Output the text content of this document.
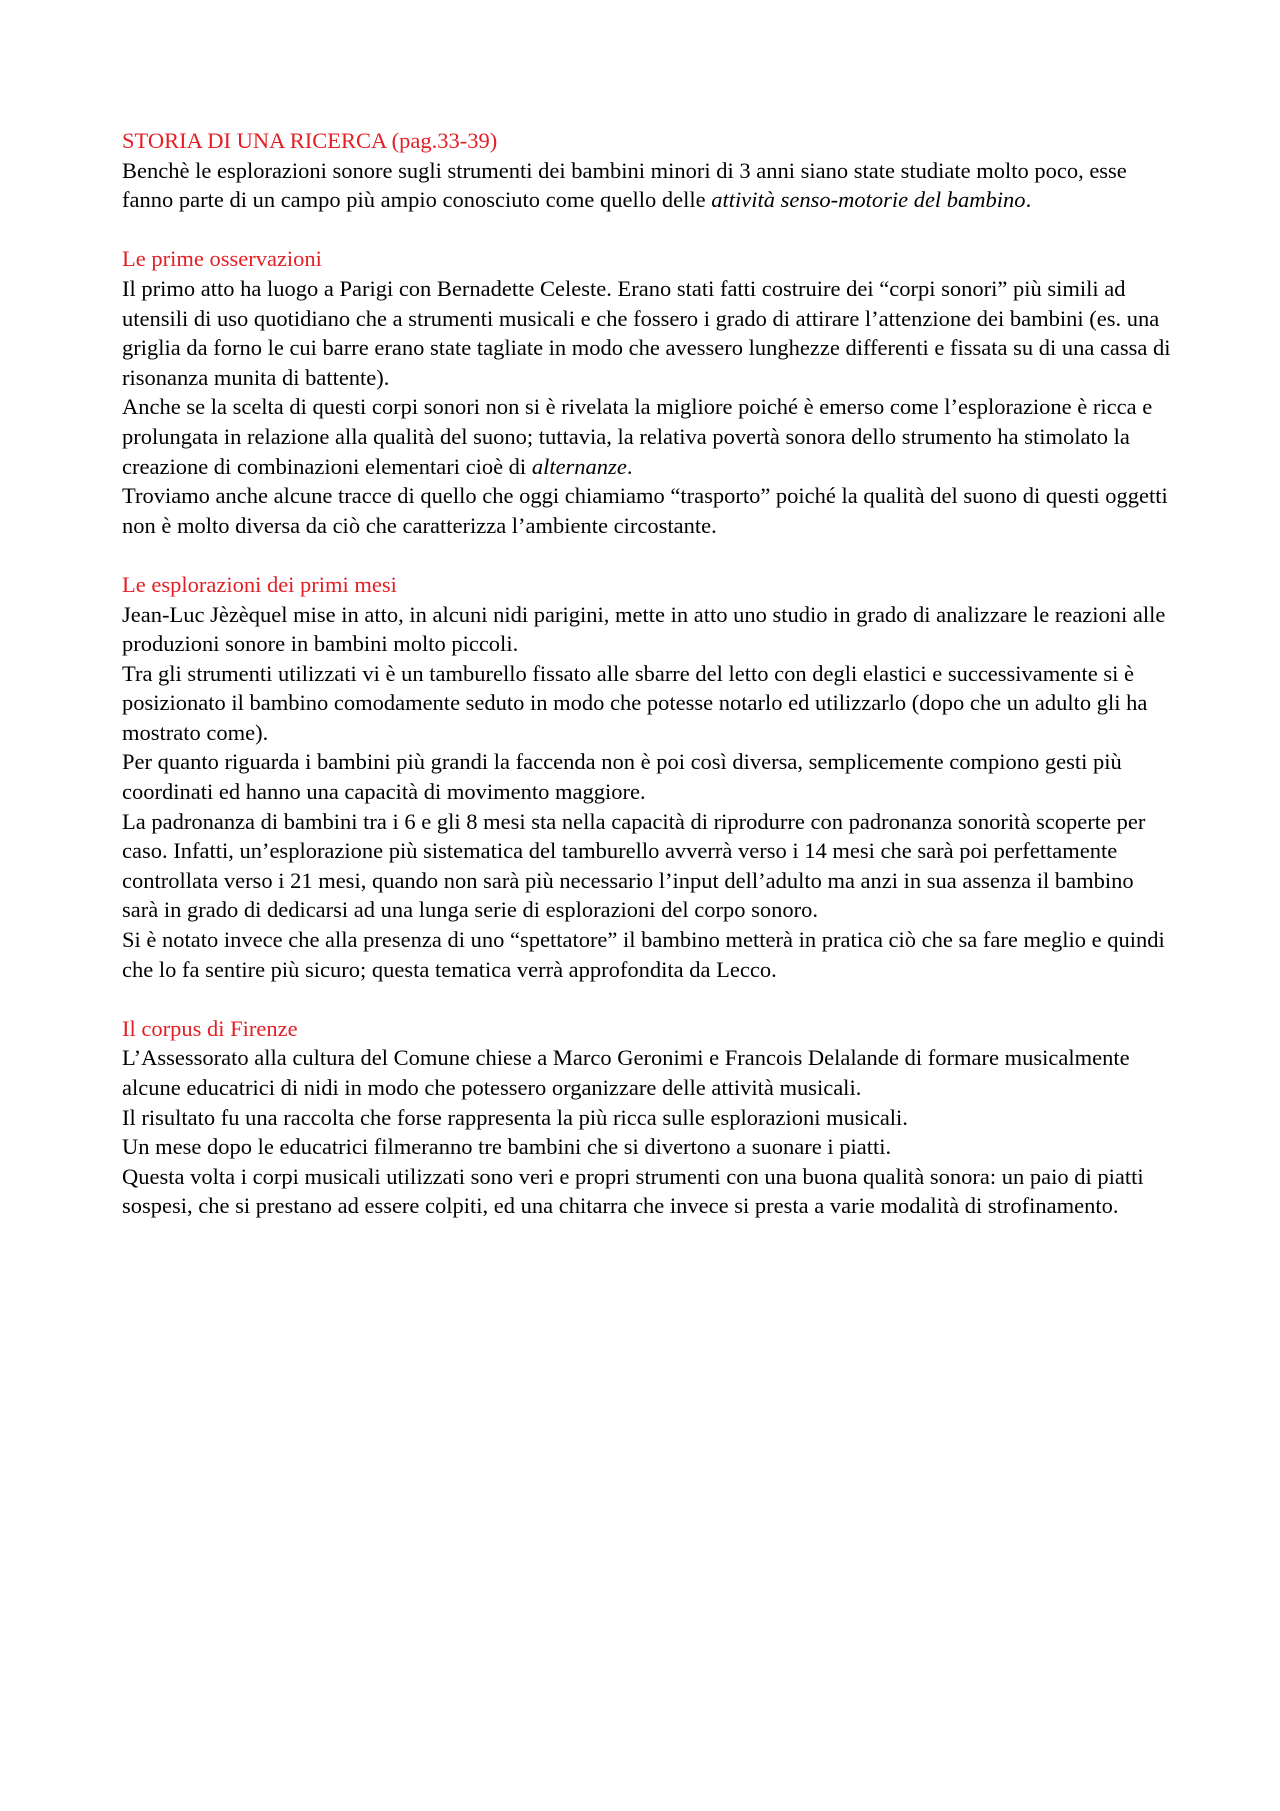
STORIA DI UNA RICERCA (pag.33-39)

Benchè le esplorazioni sonore sugli strumenti dei bambini minori di 3 anni siano state studiate molto poco, esse fanno parte di un campo più ampio conosciuto come quello delle attività senso-motorie del bambino.

Le prime osservazioni

Il primo atto ha luogo a Parigi con Bernadette Celeste. Erano stati fatti costruire dei “corpi sonori” più simili ad utensili di uso quotidiano che a strumenti musicali e che fossero i grado di attirare l’attenzione dei bambini (es. una griglia da forno le cui barre erano state tagliate in modo che avessero lunghezze differenti e fissata su di una cassa di risonanza munita di battente).

Anche se la scelta di questi corpi sonori non si è rivelata la migliore poiché è emerso come l’esplorazione è ricca e prolungata in relazione alla qualità del suono; tuttavia, la relativa povertà sonora dello strumento ha stimolato la creazione di combinazioni elementari cioè di alternanze.

Troviamo anche alcune tracce di quello che oggi chiamiamo “trasporto” poiché la qualità del suono di questi oggetti non è molto diversa da ciò che caratterizza l’ambiente circostante.

Le esplorazioni dei primi mesi

Jean-Luc Jèzèquel mise in atto, in alcuni nidi parigini, mette in atto uno studio in grado di analizzare le reazioni alle produzioni sonore in bambini molto piccoli.

Tra gli strumenti utilizzati vi è un tamburello fissato alle sbarre del letto con degli elastici e successivamente si è posizionato il bambino comodamente seduto in modo che potesse notarlo ed utilizzarlo (dopo che un adulto gli ha mostrato come).

Per quanto riguarda i bambini più grandi la faccenda non è poi così diversa, semplicemente compiono gesti più coordinati ed hanno una capacità di movimento maggiore.

La padronanza di bambini tra i 6 e gli 8 mesi sta nella capacità di riprodurre con padronanza sonorità scoperte per caso. Infatti, un’esplorazione più sistematica del tamburello avverrà verso i 14 mesi che sarà poi perfettamente controllata verso i 21 mesi, quando non sarà più necessario l’input dell’adulto ma anzi in sua assenza il bambino sarà in grado di dedicarsi ad una lunga serie di esplorazioni del corpo sonoro.

Si è notato invece che alla presenza di uno “spettatore” il bambino metterà in pratica ciò che sa fare meglio e quindi che lo fa sentire più sicuro; questa tematica verrà approfondita da Lecco.

Il corpus di Firenze

L’Assessorato alla cultura del Comune chiese a Marco Geronimi e Francois Delalande di formare musicalmente alcune educatrici di nidi in modo che potessero organizzare delle attività musicali.

Il risultato fu una raccolta che forse rappresenta la più ricca sulle esplorazioni musicali.

Un mese dopo le educatrici filmeranno tre bambini che si divertono a suonare i piatti.

Questa volta i corpi musicali utilizzati sono veri e propri strumenti con una buona qualità sonora: un paio di piatti sospesi, che si prestano ad essere colpiti, ed una chitarra che invece si presta a varie modalità di strofinamento.
